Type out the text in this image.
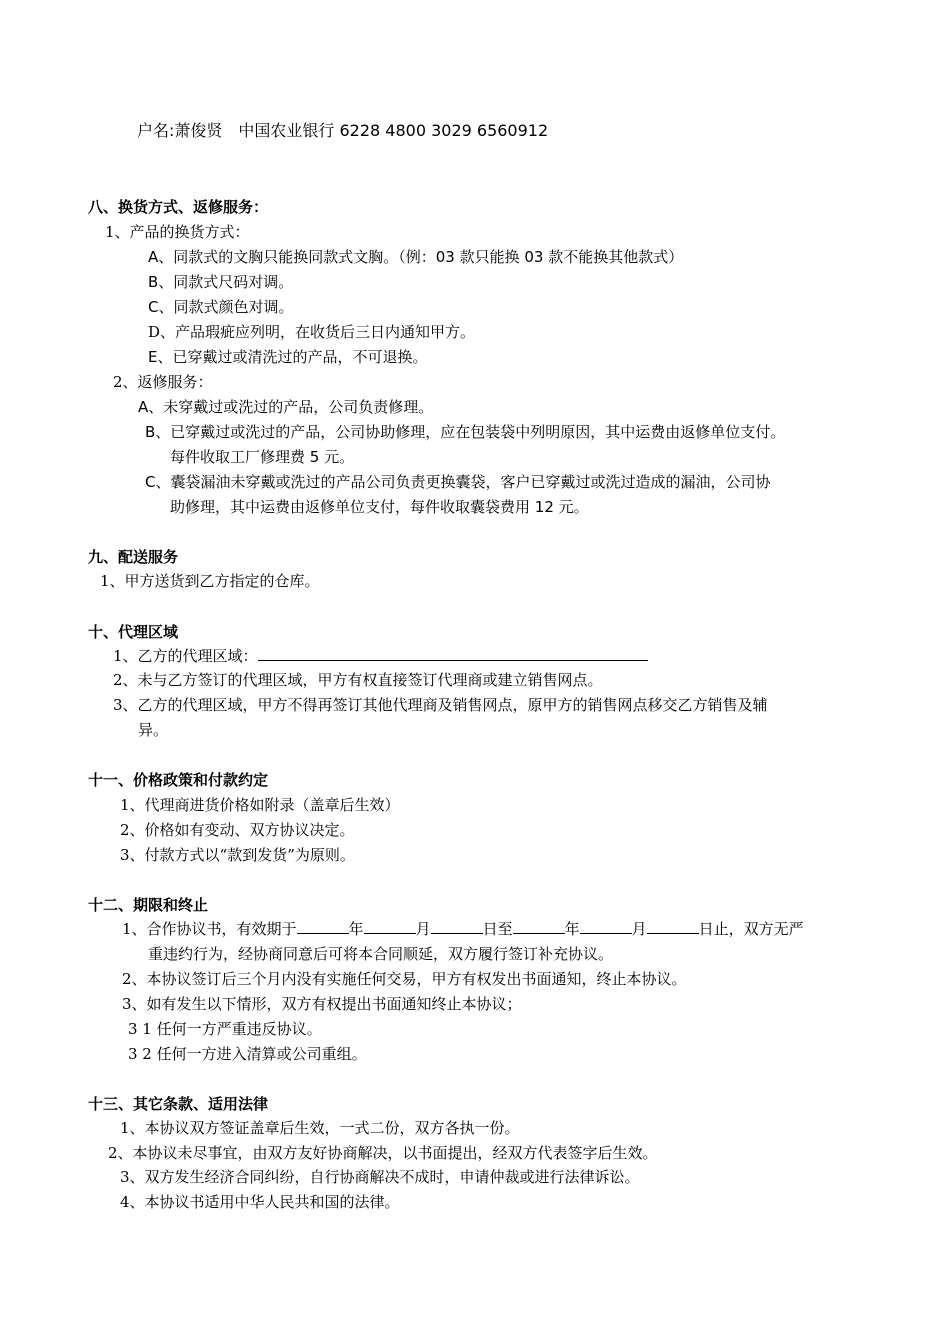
户名:萧俊贤　中国农业银行 6228 4800 3029 6560912
八、换货方式、返修服务：
1、产品的换货方式：
A、同款式的文胸只能换同款式文胸。（例：03 款只能换 03 款不能换其他款式）
B、同款式尺码对调。
C、同款式颜色对调。
D、产品瑕疵应列明，在收货后三日内通知甲方。
E、已穿戴过或清洗过的产品，不可退换。
2、返修服务：
A、未穿戴过或洗过的产品，公司负责修理。
B、已穿戴过或洗过的产品，公司协助修理，应在包装袋中列明原因，其中运费由返修单位支付。
每件收取工厂修理费 5 元。
C、囊袋漏油未穿戴或洗过的产品公司负责更换囊袋，客户已穿戴过或洗过造成的漏油，公司协
助修理，其中运费由返修单位支付，每件收取囊袋费用 12 元。
九、配送服务
1、甲方送货到乙方指定的仓库。
十、代理区域
1、乙方的代理区域：
2、未与乙方签订的代理区域，甲方有权直接签订代理商或建立销售网点。
3、乙方的代理区域，甲方不得再签订其他代理商及销售网点，原甲方的销售网点移交乙方销售及辅
异。
十一、价格政策和付款约定
1、代理商进货价格如附录（盖章后生效）
2、价格如有变动、双方协议决定。
3、付款方式以“款到发货”为原则。
十二、期限和终止
1、合作协议书，有效期于	年	月	日至	年	月	日止，双方无严
重违约行为，经协商同意后可将本合同顺延，双方履行签订补充协议。
2、本协议签订后三个月内没有实施任何交易，甲方有权发出书面通知，终止本协议。
3、如有发生以下情形，双方有权提出书面通知终止本协议；
3 1 任何一方严重违反协议。
3 2 任何一方进入清算或公司重组。
十三、其它条款、适用法律
1、本协议双方签证盖章后生效，一式二份，双方各执一份。
2、本协议未尽事宜，由双方友好协商解决，以书面提出，经双方代表签字后生效。
3、双方发生经济合同纠纷，自行协商解决不成时，申请仲裁或进行法律诉讼。
4、本协议书适用中华人民共和国的法律。
